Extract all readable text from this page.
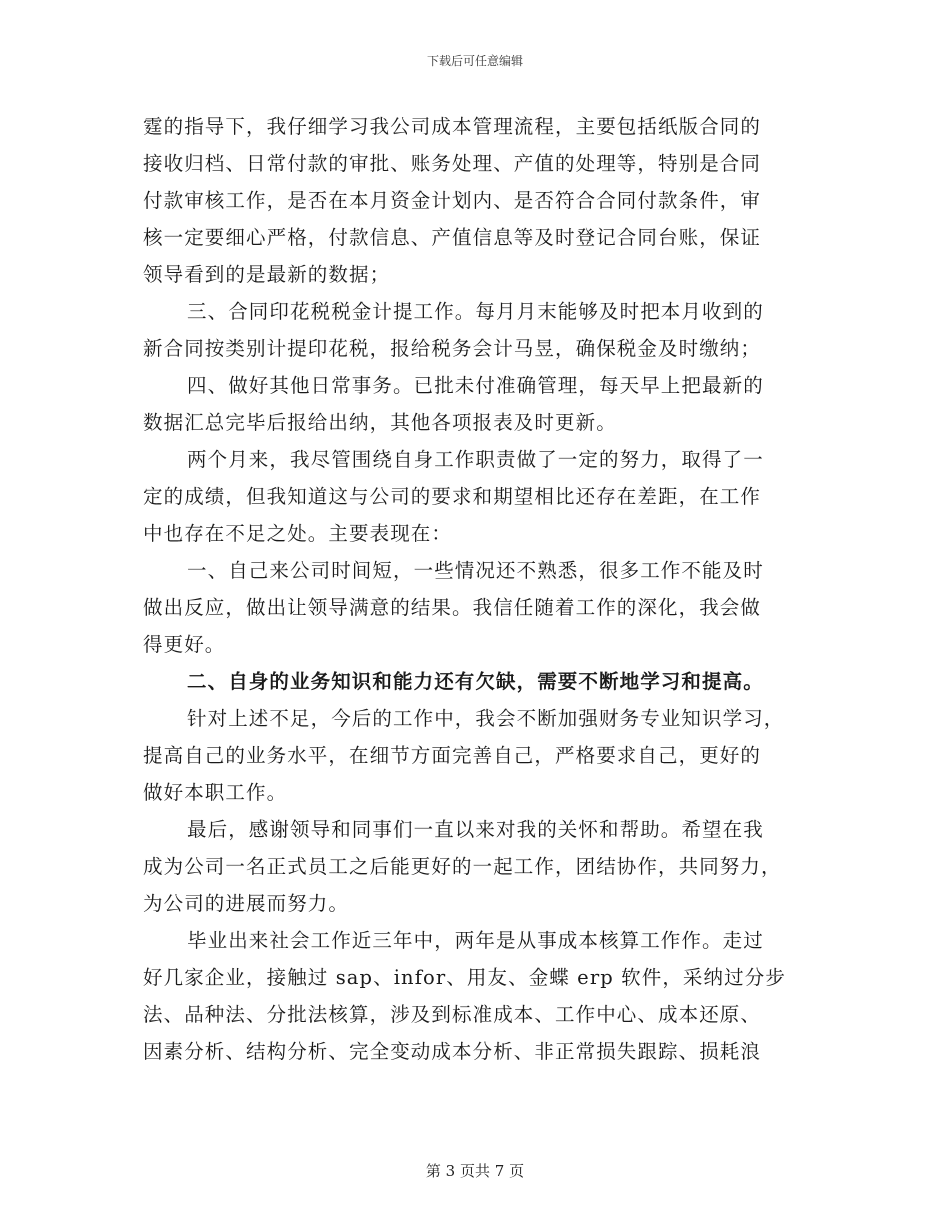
下载后可任意编辑
霆的指导下，我仔细学习我公司成本管理流程，主要包括纸版合同的
接收归档、日常付款的审批、账务处理、产值的处理等，特别是合同
付款审核工作，是否在本月资金计划内、是否符合合同付款条件，审
核一定要细心严格，付款信息、产值信息等及时登记合同台账，保证
领导看到的是最新的数据；
三、合同印花税税金计提工作。每月月末能够及时把本月收到的
新合同按类别计提印花税，报给税务会计马昱，确保税金及时缴纳；
四、做好其他日常事务。已批未付准确管理，每天早上把最新的
数据汇总完毕后报给出纳，其他各项报表及时更新。
两个月来，我尽管围绕自身工作职责做了一定的努力，取得了一
定的成绩，但我知道这与公司的要求和期望相比还存在差距，在工作
中也存在不足之处。主要表现在：
一、自己来公司时间短，一些情况还不熟悉，很多工作不能及时
做出反应，做出让领导满意的结果。我信任随着工作的深化，我会做
得更好。
二、自身的业务知识和能力还有欠缺，需要不断地学习和提高。
针对上述不足，今后的工作中，我会不断加强财务专业知识学习，
提高自己的业务水平，在细节方面完善自己，严格要求自己，更好的
做好本职工作。
最后，感谢领导和同事们一直以来对我的关怀和帮助。希望在我
成为公司一名正式员工之后能更好的一起工作，团结协作，共同努力，
为公司的进展而努力。
毕业出来社会工作近三年中，两年是从事成本核算工作作。走过
好几家企业，接触过 sap、infor、用友、金蝶 erp 软件，采纳过分步
法、品种法、分批法核算，涉及到标准成本、工作中心、成本还原、
因素分析、结构分析、完全变动成本分析、非正常损失跟踪、损耗浪
第 3 页共 7 页
